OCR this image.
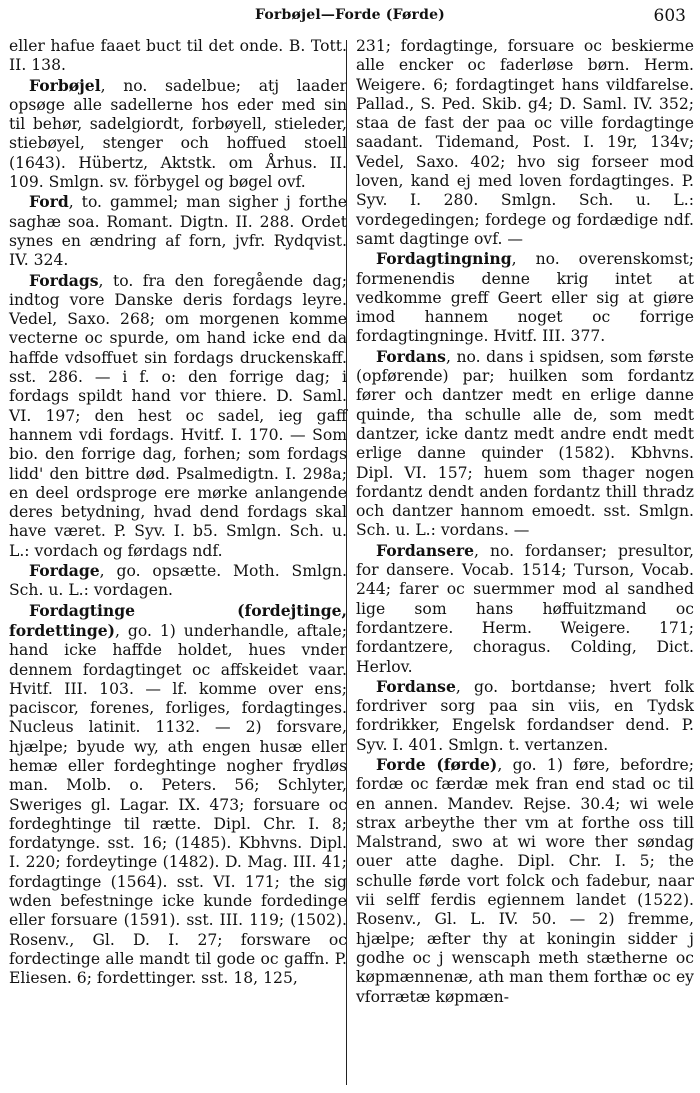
Forbøjel—Forde (Førde)	603

eller hafue faaet buct til det onde. B. Tott. II. 138.

Forbøjel, no. sadelbue; atj laader opsøge alle sadellerne hos eder med sin til behør, sadelgiordt, forbøyell, stieleder, stiebøyel, stenger och hoffued stoell (1643). Hübertz, Aktstk. om Århus. II. 109. Smlgn. sv. förbygel og bøgel ovf.

Ford, to. gammel; man sigher j forthe saghæ soa. Romant. Digtn. II. 288. Ordet synes en ændring af forn, jvfr. Rydqvist. IV. 324.

Fordags, to. fra den foregående dag; indtog vore Danske deris fordags leyre. Vedel, Saxo. 268; om morgenen komme vecterne oc spurde, om hand icke end da haffde vdsoffuet sin fordags druckenskaff. sst. 286. — i f. o: den forrige dag; i fordags spildt hand vor thiere. D. Saml. VI. 197; den hest oc sadel, ieg gaff hannem vdi fordags. Hvitf. I. 170. — Som bio. den forrige dag, forhen; som fordags lidd' den bittre død. Psalmedigtn. I. 298a; en deel ordsproge ere mørke anlangende deres betydning, hvad dend fordags skal have været. P. Syv. I. b5. Smlgn. Sch. u. L.: vordach og førdags ndf.

Fordage, go. opsætte. Moth. Smlgn. Sch. u. L.: vordagen.

Fordagtinge (fordejtinge, fordettinge), go. 1) underhandle, aftale; hand icke haffde holdet, hues vnder dennem fordagtinget oc affskeidet vaar. Hvitf. III. 103. — lf. komme over ens; paciscor, forenes, forliges, fordagtinges. Nucleus latinit. 1132. — 2) forsvare, hjælpe; byude wy, ath engen husæ eller hemæ eller fordeghtinge nogher frydløs man. Molb. o. Peters. 56; Schlyter, Sweriges gl. Lagar. IX. 473; forsuare oc fordeghtinge til rætte. Dipl. Chr. I. 8; fordatynge. sst. 16; (1485). Kbhvns. Dipl. I. 220; fordeytinge (1482). D. Mag. III. 41; fordagtinge (1564). sst. VI. 171; the sig wden befestninge icke kunde fordedinge eller forsuare (1591). sst. III. 119; (1502). Rosenv., Gl. D. I. 27; forsware oc fordectinge alle mandt til gode oc gaffn. P. Eliesen. 6; fordettinger. sst. 18, 125,

231; fordagtinge, forsuare oc beskierme alle encker oc faderløse børn. Herm. Weigere. 6; fordagtinget hans vildfarelse. Pallad., S. Ped. Skib. g4; D. Saml. IV. 352; staa de fast der paa oc ville fordagtinge saadant. Tidemand, Post. I. 19r, 134v; Vedel, Saxo. 402; hvo sig forseer mod loven, kand ej med loven fordagtinges. P. Syv. I. 280. Smlgn. Sch. u. L.: vordegedingen; fordege og fordædige ndf. samt dagtinge ovf. —

Fordagtingning, no. overenskomst; formenendis denne krig intet at vedkomme greff Geert eller sig at giøre imod hannem noget oc forrige fordagtingninge. Hvitf. III. 377.

Fordans, no. dans i spidsen, som første (opførende) par; huilken som fordantz fører och dantzer medt en erlige danne quinde, tha schulle alle de, som medt dantzer, icke dantz medt andre endt medt erlige danne quinder (1582). Kbhvns. Dipl. VI. 157; huem som thager nogen fordantz dendt anden fordantz thill thradz och dantzer hannom emoedt. sst. Smlgn. Sch. u. L.: vordans. —

Fordansere, no. fordanser; presultor, for dansere. Vocab. 1514; Turson, Vocab. 244; farer oc suermmer mod al sandhed lige som hans høffuitzmand oc fordantzere. Herm. Weigere. 171; fordantzere, choragus. Colding, Dict. Herlov.

Fordanse, go. bortdanse; hvert folk fordriver sorg paa sin viis, en Tydsk fordrikker, Engelsk fordandser dend. P. Syv. I. 401. Smlgn. t. vertanzen.

Forde (førde), go. 1) føre, befordre; fordæ oc færdæ mek fran end stad oc til en annen. Mandev. Rejse. 30.4; wi wele strax arbeythe ther vm at forthe oss till Malstrand, swo at wi wore ther søndag ouer atte daghe. Dipl. Chr. I. 5; the schulle førde vort folck och fadebur, naar vii selff ferdis egiennem landet (1522). Rosenv., Gl. L. IV. 50. — 2) fremme, hjælpe; æfter thy at koningin sidder j godhe oc j wenscaph meth stætherne oc køpmænnenæ, ath man them forthæ oc ey vforrætæ køpmæn-
